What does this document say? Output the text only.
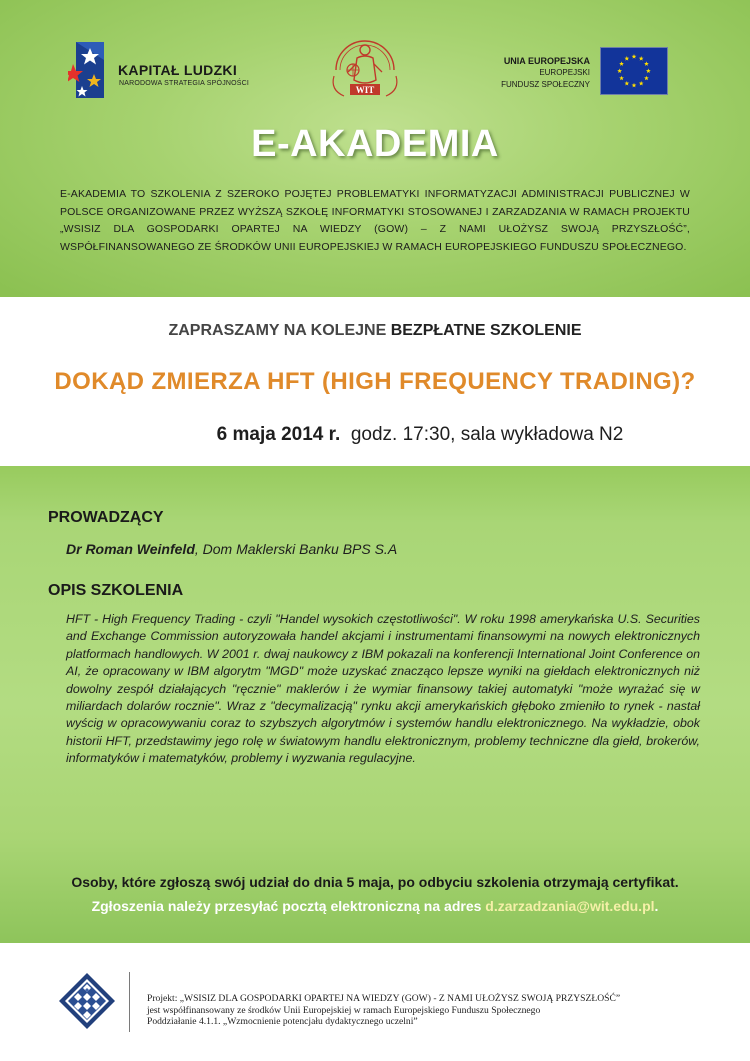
KAPITAŁ LUDZKI
NARODOWA STRATEGIA SPÓJNOŚCI
WIT
UNIA EUROPEJSKA
EUROPEJSKI
FUNDUSZ SPOŁECZNY
E-AKADEMIA
E-AKADEMIA TO SZKOLENIA Z SZEROKO POJĘTEJ PROBLEMATYKI INFORMATYZACJI ADMINISTRACJI PUBLICZNEJ W POLSCE ORGANIZOWANE PRZEZ WYŻSZĄ SZKOŁĘ INFORMATYKI STOSOWANEJ I ZARZADZANIA W RAMACH PROJEKTU „WSISIZ DLA GOSPODARKI OPARTEJ NA WIEDZY (GOW) – Z NAMI UŁOŻYSZ SWOJĄ PRZYSZŁOŚĆ”, WSPÓŁFINANSOWANEGO ZE ŚRODKÓW UNII EUROPEJSKIEJ W RAMACH EUROPEJSKIEGO FUNDUSZU SPOŁECZNEGO.
ZAPRASZAMY NA KOLEJNE BEZPŁATNE SZKOLENIE
DOKĄD ZMIERZA HFT (HIGH FREQUENCY TRADING)?
6 maja 2014 r. godz. 17:30, sala wykładowa N2
PROWADZĄCY
Dr Roman Weinfeld, Dom Maklerski Banku BPS S.A
OPIS SZKOLENIA
HFT - High Frequency Trading - czyli "Handel wysokich częstotliwości". W roku 1998 amerykańska U.S. Securities and Exchange Commission autoryzowała handel akcjami i instrumentami finansowymi na nowych elektronicznych platformach handlowych. W 2001 r. dwaj naukowcy z IBM pokazali na konferencji International Joint Conference on AI, że opracowany w IBM algorytm "MGD" może uzyskać znacząco lepsze wyniki na giełdach elektronicznych niż dowolny zespół działających "ręcznie" maklerów i że wymiar finansowy takiej automatyki "może wyrażać się w miliardach dolarów rocznie". Wraz z "decymalizacją" rynku akcji amerykańskich głęboko zmieniło to rynek - nastał wyścig w opracowywaniu coraz to szybszych algorytmów i systemów handlu elektronicznego. Na wykładzie, obok historii HFT, przedstawimy jego rolę w światowym handlu elektronicznym, problemy techniczne dla giełd, brokerów, informatyków i matematyków, problemy i wyzwania regulacyjne.
Osoby, które zgłoszą swój udział do dnia 5 maja, po odbyciu szkolenia otrzymają certyfikat.
Zgłoszenia należy przesyłać pocztą elektroniczną na adres d.zarzadzania@wit.edu.pl.
Projekt: „WSISIZ DLA GOSPODARKI OPARTEJ NA WIEDZY (GOW) - Z NAMI UŁOŻYSZ SWOJĄ PRZYSZŁOŚĆ”
jest współfinansowany ze środków Unii Europejskiej w ramach Europejskiego Funduszu Społecznego
Poddziałanie 4.1.1. „Wzmocnienie potencjału dydaktycznego uczelni”
